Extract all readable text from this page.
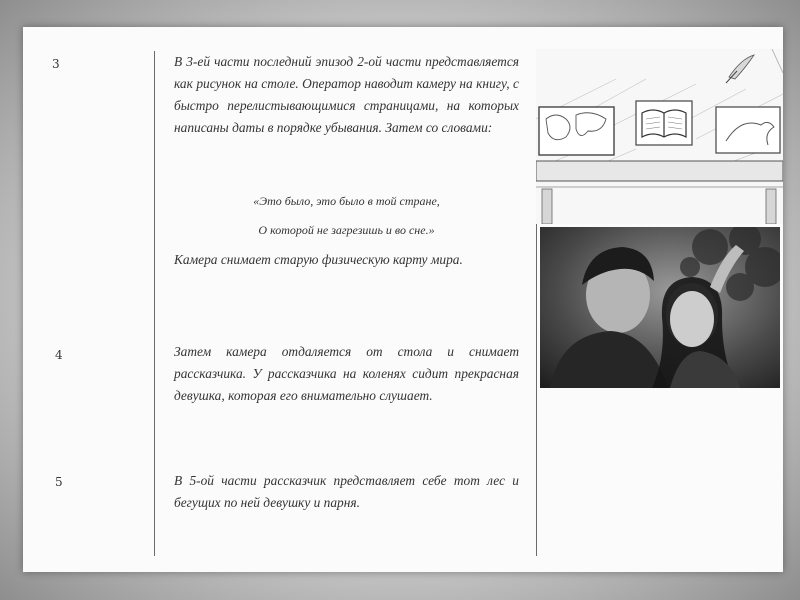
3
4
5
В 3-ей части последний эпизод 2-ой части представляется как рисунок на столе. Оператор наводит камеру на книгу, с быстро перелистывающимися страницами, на которых написаны даты в порядке убывания. Затем со словами:
«Это было, это было в той стране,
О которой не загрезишь и во сне.»
Камера снимает старую физическую карту мира.
Затем камера отдаляется от стола и снимает рассказчика. У рассказчика на коленях сидит прекрасная девушка, которая его внимательно слушает.
В 5-ой части рассказчик представляет себе тот лес и бегущих по ней девушку и парня.
